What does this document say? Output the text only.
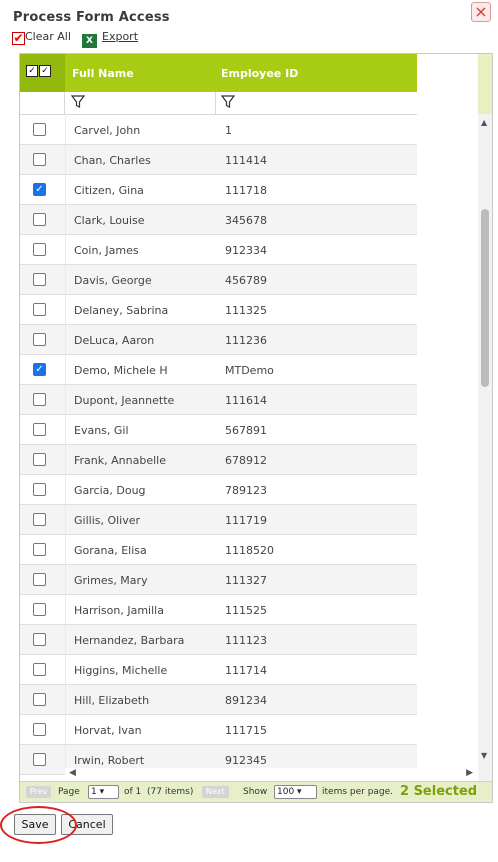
Process Form Access	×
✔Clear All	X Export
✓ ✓ Full Name	Employee ID
Carvel, John	1
Chan, Charles	111414
✓	Citizen, Gina	111718
Clark, Louise	345678
Coin, James	912334
Davis, George	456789
Delaney, Sabrina	111325
DeLuca, Aaron	111236
✓	Demo, Michele H	MTDemo
Dupont, Jeannette	111614
Evans, Gil	567891
Frank, Annabelle	678912
Garcia, Doug	789123
Gillis, Oliver	111719
Gorana, Elisa	1118520
Grimes, Mary	111327
Harrison, Jamilla	111525
Hernandez, Barbara	111123
Higgins, Michelle	111714
Hill, Elizabeth	891234
Horvat, Ivan	111715
Irwin, Robert	912345
◀	▶
▲
▼
Prev	Page	1 ▾	of 1 (77 items)	Next	Show	100 ▾	items per page. 2 Selected
Save	Cancel
